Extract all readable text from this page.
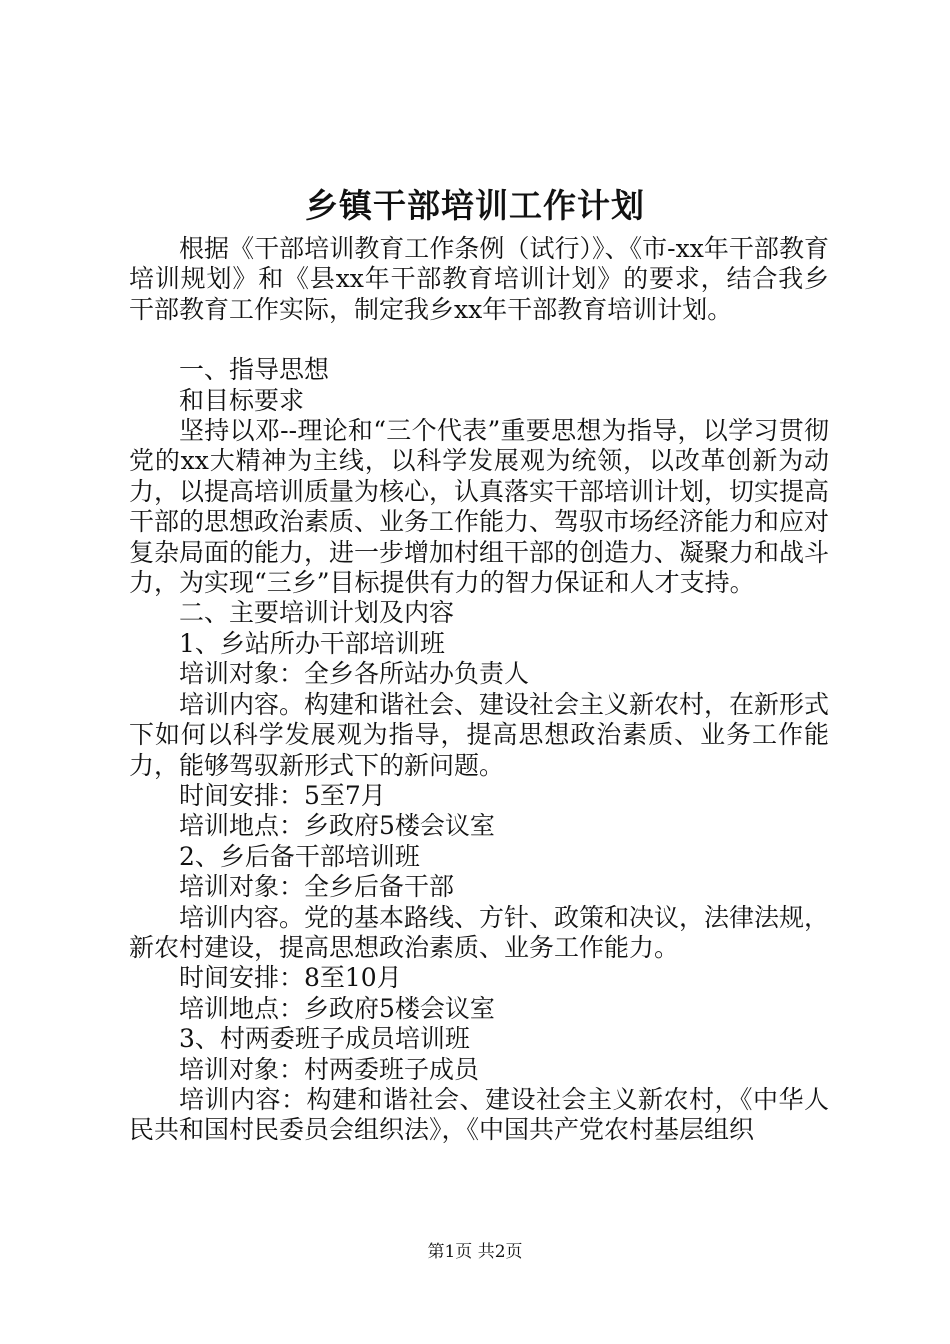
乡镇干部培训工作计划

根据《干部培训教育工作条例（试行）》、《市-xx年干部教育培训规划》和《县xx年干部教育培训计划》的要求，结合我乡干部教育工作实际，制定我乡xx年干部教育培训计划。

一、指导思想

和目标要求

坚持以邓--理论和“三个代表”重要思想为指导，以学习贯彻党的xx大精神为主线，以科学发展观为统领，以改革创新为动力，以提高培训质量为核心，认真落实干部培训计划，切实提高干部的思想政治素质、业务工作能力、驾驭市场经济能力和应对复杂局面的能力，进一步增加村组干部的创造力、凝聚力和战斗力，为实现“三乡”目标提供有力的智力保证和人才支持。

二、主要培训计划及内容

1、乡站所办干部培训班

培训对象：全乡各所站办负责人

培训内容。构建和谐社会、建设社会主义新农村，在新形式下如何以科学发展观为指导，提高思想政治素质、业务工作能力，能够驾驭新形式下的新问题。

时间安排：5至7月

培训地点：乡政府5楼会议室

2、乡后备干部培训班

培训对象：全乡后备干部

培训内容。党的基本路线、方针、政策和决议，法律法规，新农村建设，提高思想政治素质、业务工作能力。

时间安排：8至10月

培训地点：乡政府5楼会议室

3、村两委班子成员培训班

培训对象：村两委班子成员

培训内容：构建和谐社会、建设社会主义新农村，《中华人民共和国村民委员会组织法》，《中国共产党农村基层组织

第1页 共2页
